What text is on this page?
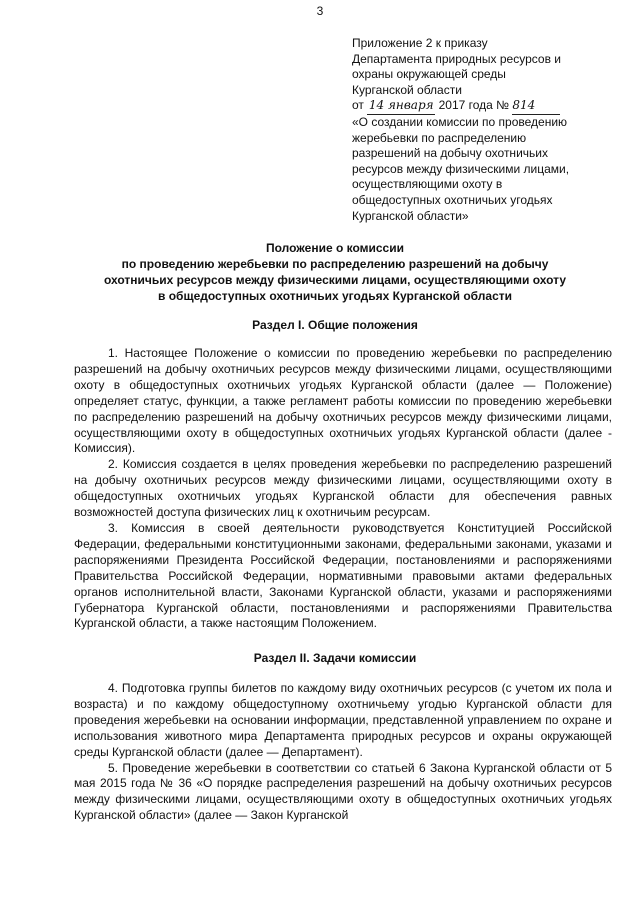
3
Приложение 2 к приказу
Департамента природных ресурсов и
охраны окружающей среды
Курганской области
от 14 января 2017 года № 814
«О создании комиссии по проведению
жеребьевки по распределению
разрешений на добычу охотничьих
ресурсов между физическими лицами,
осуществляющими охоту в
общедоступных охотничьих угодьях
Курганской области»
Положение о комиссии
по проведению жеребьевки по распределению разрешений на добычу
охотничьих ресурсов между физическими лицами, осуществляющими охоту
в общедоступных охотничьих угодьях Курганской области
Раздел I. Общие положения

1. Настоящее Положение о комиссии по проведению жеребьевки по распределению разрешений на добычу охотничьих ресурсов между физическими лицами, осуществляющими охоту в общедоступных охотничьих угодьях Курганской области (далее — Положение) определяет статус, функции, а также регламент работы комиссии по проведению жеребьевки по распределению разрешений на добычу охотничьих ресурсов между физическими лицами, осуществляющими охоту в общедоступных охотничьих угодьях Курганской области (далее - Комиссия).

2. Комиссия создается в целях проведения жеребьевки по распределению разрешений на добычу охотничьих ресурсов между физическими лицами, осуществляющими охоту в общедоступных охотничьих угодьях Курганской области для обеспечения равных возможностей доступа физических лиц к охотничьим ресурсам.

3. Комиссия в своей деятельности руководствуется Конституцией Российской Федерации, федеральными конституционными законами, федеральными законами, указами и распоряжениями Президента Российской Федерации, постановлениями и распоряжениями Правительства Российской Федерации, нормативными правовыми актами федеральных органов исполнительной власти, Законами Курганской области, указами и распоряжениями Губернатора Курганской области, постановлениями и распоряжениями Правительства Курганской области, а также настоящим Положением.

Раздел II. Задачи комиссии

4. Подготовка группы билетов по каждому виду охотничьих ресурсов (с учетом их пола и возраста) и по каждому общедоступному охотничьему угодью Курганской области для проведения жеребьевки на основании информации, представленной управлением по охране и использования животного мира Департамента природных ресурсов и охраны окружающей среды Курганской области (далее — Департамент).

5. Проведение жеребьевки в соответствии со статьей 6 Закона Курганской области от 5 мая 2015 года № 36 «О порядке распределения разрешений на добычу охотничьих ресурсов между физическими лицами, осуществляющими охоту в общедоступных охотничьих угодьях Курганской области» (далее — Закон Курганской
